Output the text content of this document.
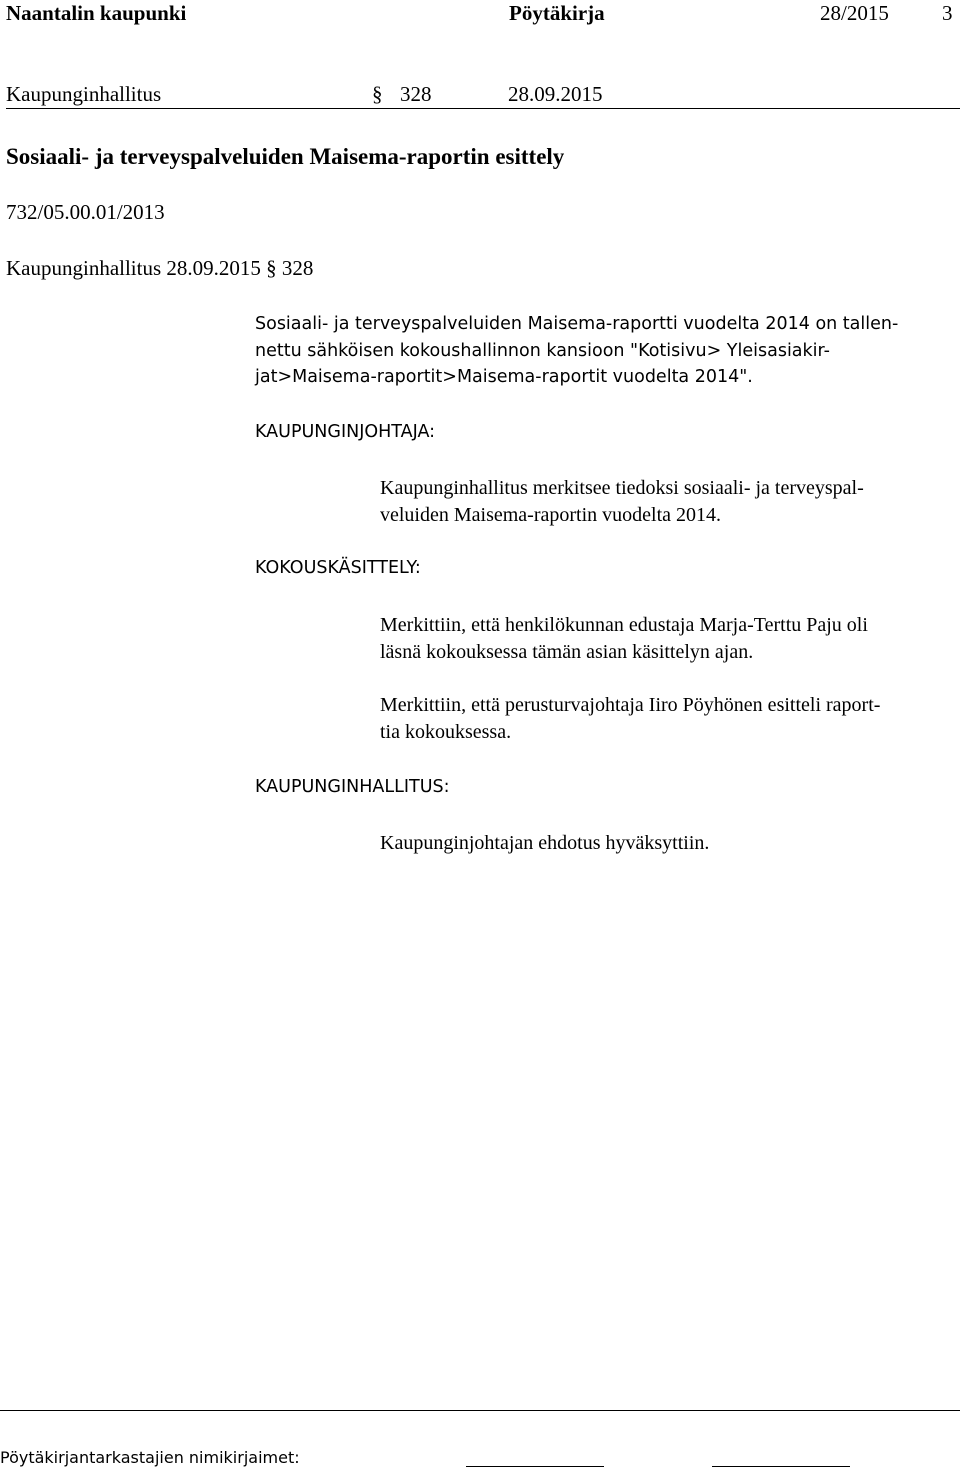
Naantalin kaupunki	Pöytäkirja	28/2015	3
Kaupunginhallitus	§ 328	28.09.2015
Sosiaali- ja terveyspalveluiden Maisema-raportin esittely
732/05.00.01/2013
Kaupunginhallitus 28.09.2015 § 328
Sosiaali- ja terveyspalveluiden Maisema-raportti vuodelta 2014 on tallen-
nettu sähköisen kokoushallinnon kansioon "Kotisivu> Yleisasiakir-
jat>Maisema-raportit>Maisema-raportit vuodelta 2014".
KAUPUNGINJOHTAJA:
Kaupunginhallitus merkitsee tiedoksi sosiaali- ja terveyspal-
veluiden Maisema-raportin vuodelta 2014.
KOKOUSKÄSITTELY:
Merkittiin, että henkilökunnan edustaja Marja-Terttu Paju oli
läsnä kokouksessa tämän asian käsittelyn ajan.
Merkittiin, että perusturvajohtaja Iiro Pöyhönen esitteli raport-
tia kokouksessa.
KAUPUNGINHALLITUS:
Kaupunginjohtajan ehdotus hyväksyttiin.
Pöytäkirjantarkastajien nimikirjaimet:
